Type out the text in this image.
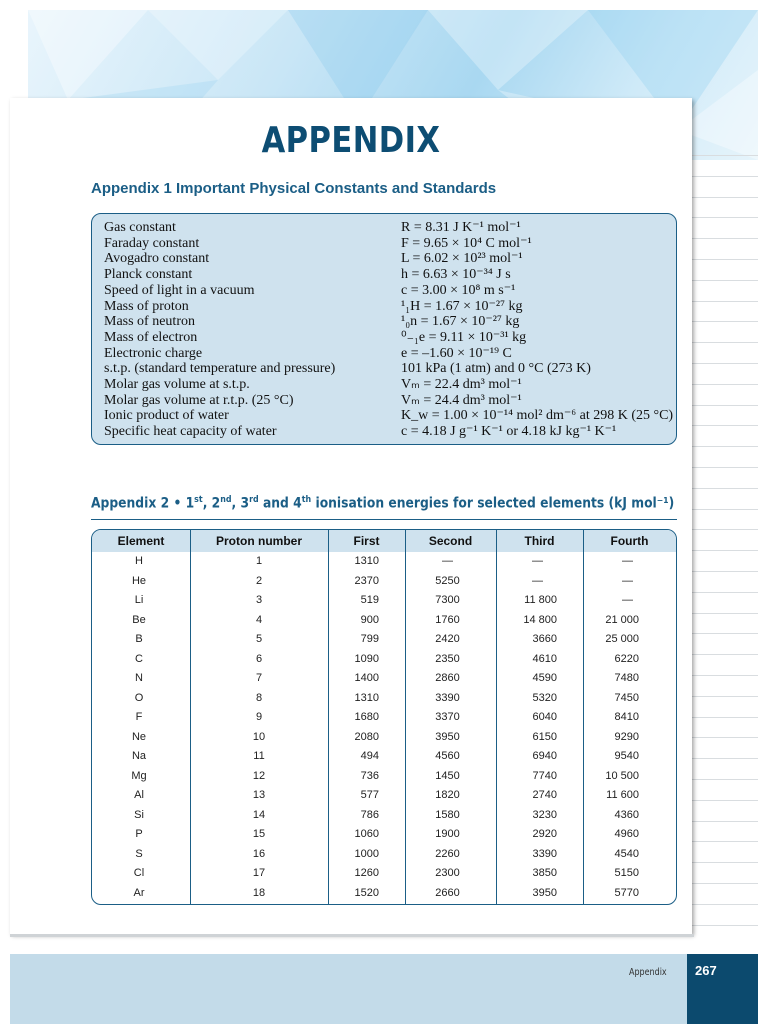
APPENDIX
Appendix 1 Important Physical Constants and Standards
Gas constant	R = 8.31 J K⁻¹ mol⁻¹
Faraday constant	F = 9.65 × 10⁴ C mol⁻¹
Avogadro constant	L = 6.02 × 10²³ mol⁻¹
Planck constant	h = 6.63 × 10⁻³⁴ J s
Speed of light in a vacuum	c = 3.00 × 10⁸ m s⁻¹
Mass of proton	¹₁H = 1.67 × 10⁻²⁷ kg
Mass of neutron	¹₀n = 1.67 × 10⁻²⁷ kg
Mass of electron	⁰₋₁e = 9.11 × 10⁻³¹ kg
Electronic charge	e = –1.60 × 10⁻¹⁹ C
s.t.p. (standard temperature and pressure)	101 kPa (1 atm) and 0 °C (273 K)
Molar gas volume at s.t.p.	Vₘ = 22.4 dm³ mol⁻¹
Molar gas volume at r.t.p. (25 °C)	Vₘ = 24.4 dm³ mol⁻¹
Ionic product of water	K_w = 1.00 × 10⁻¹⁴ mol² dm⁻⁶ at 298 K (25 °C)
Specific heat capacity of water	c = 4.18 J g⁻¹ K⁻¹ or 4.18 kJ kg⁻¹ K⁻¹
Appendix 2 • 1st, 2nd, 3rd and 4th ionisation energies for selected elements (kJ mol⁻¹)
Element	Proton number	First	Second	Third	Fourth
H	1	1310	—	—	—
He	2	2370	5250	—	—
Li	3	519	7300	11 800	—
Be	4	900	1760	14 800	21 000
B	5	799	2420	3660	25 000
C	6	1090	2350	4610	6220
N	7	1400	2860	4590	7480
O	8	1310	3390	5320	7450
F	9	1680	3370	6040	8410
Ne	10	2080	3950	6150	9290
Na	11	494	4560	6940	9540
Mg	12	736	1450	7740	10 500
Al	13	577	1820	2740	11 600
Si	14	786	1580	3230	4360
P	15	1060	1900	2920	4960
S	16	1000	2260	3390	4540
Cl	17	1260	2300	3850	5150
Ar	18	1520	2660	3950	5770
Appendix 267
